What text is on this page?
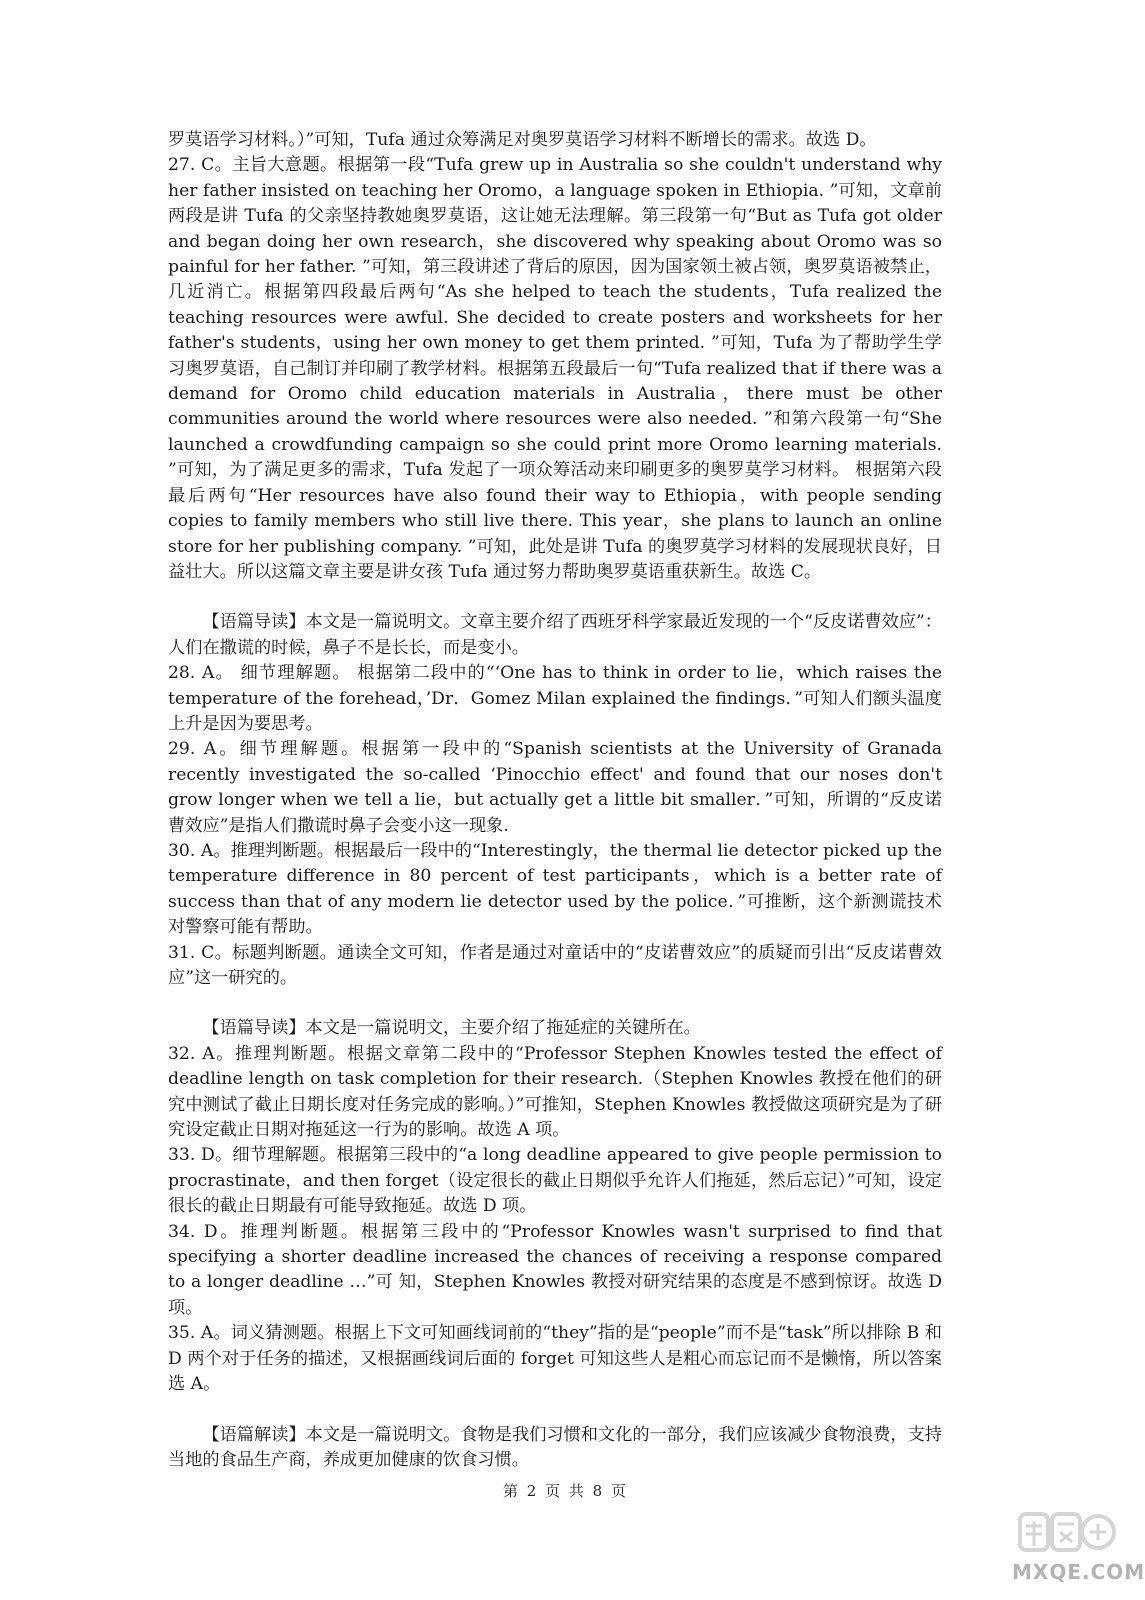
罗莫语学习材料。）”可知，Tufa 通过众筹满足对奥罗莫语学习材料不断增长的需求。故选 D。

27. C。主旨大意题。根据第一段“Tufa grew up in Australia so she couldn't understand why her father insisted on teaching her Oromo，a language spoken in Ethiopia. ”可知，文章前两段是讲 Tufa 的父亲坚持教她奥罗莫语，这让她无法理解。第三段第一句“But as Tufa got older and began doing her own research，she discovered why speaking about Oromo was so painful for her father. ”可知，第三段讲述了背后的原因，因为国家领土被占领，奥罗莫语被禁止，几近消亡。根据第四段最后两句“As she helped to teach the students，Tufa realized the teaching resources were awful. She decided to create posters and worksheets for her father's students，using her own money to get them printed. ”可知，Tufa 为了帮助学生学习奥罗莫语，自己制订并印刷了教学材料。根据第五段最后一句“Tufa realized that if there was a demand for Oromo child education materials in Australia，there must be other communities around the world where resources were also needed. ”和第六段第一句“She launched a crowdfunding campaign so she could print more Oromo learning materials. ”可知，为了满足更多的需求，Tufa 发起了一项众筹活动来印刷更多的奥罗莫学习材料。 根据第六段最后两句“Her resources have also found their way to Ethiopia，with people sending copies to family members who still live there. This year，she plans to launch an online store for her publishing company. ”可知，此处是讲 Tufa 的奥罗莫学习材料的发展现状良好，日益壮大。所以这篇文章主要是讲女孩 Tufa 通过努力帮助奥罗莫语重获新生。故选 C。

【语篇导读】本文是一篇说明文。文章主要介绍了西班牙科学家最近发现的一个“反皮诺曹效应”：人们在撒谎的时候，鼻子不是长长，而是变小。

28. A。 细节理解题。 根据第二段中的“‘One has to think in order to lie，which raises the temperature of the forehead，’Dr．Gomez Milan explained the findings．”可知人们额头温度上升是因为要思考。

29. A。细节理解题。根据第一段中的“Spanish scientists at the University of Granada recently investigated the so-called ‘Pinocchio effect' and found that our noses don't grow longer when we tell a lie，but actually get a little bit smaller．”可知，所谓的“反皮诺曹效应”是指人们撒谎时鼻子会变小这一现象.

30. A。推理判断题。根据最后一段中的“Interestingly，the thermal lie detector picked up the temperature difference in 80 percent of test participants，which is a better rate of success than that of any modern lie detector used by the police．”可推断，这个新测谎技术对警察可能有帮助。

31. C。标题判断题。通读全文可知，作者是通过对童话中的“皮诺曹效应”的质疑而引出“反皮诺曹效应”这一研究的。

【语篇导读】本文是一篇说明文，主要介绍了拖延症的关键所在。

32. A。推理判断题。根据文章第二段中的“Professor Stephen Knowles tested the effect of deadline length on task completion for their research.（Stephen Knowles 教授在他们的研究中测试了截止日期长度对任务完成的影响。）”可推知，Stephen Knowles 教授做这项研究是为了研究设定截止日期对拖延这一行为的影响。故选 A 项。

33. D。细节理解题。根据第三段中的“a long deadline appeared to give people permission to procrastinate，and then forget（设定很长的截止日期似乎允许人们拖延，然后忘记）”可知，设定很长的截止日期最有可能导致拖延。故选 D 项。

34. D。推理判断题。根据第三段中的“Professor Knowles wasn't surprised to find that specifying a shorter deadline increased the chances of receiving a response compared to a longer deadline …”可 知，Stephen Knowles 教授对研究结果的态度是不感到惊讶。故选 D 项。

35. A。词义猜测题。根据上下文可知画线词前的“they”指的是“people”而不是“task”所以排除 B 和 D 两个对于任务的描述，又根据画线词后面的 forget 可知这些人是粗心而忘记而不是懒惰，所以答案选 A。

【语篇解读】本文是一篇说明文。食物是我们习惯和文化的一部分，我们应该减少食物浪费，支持当地的食品生产商，养成更加健康的饮食习惯。

第 2 页 共 8 页
MXQE.COM
